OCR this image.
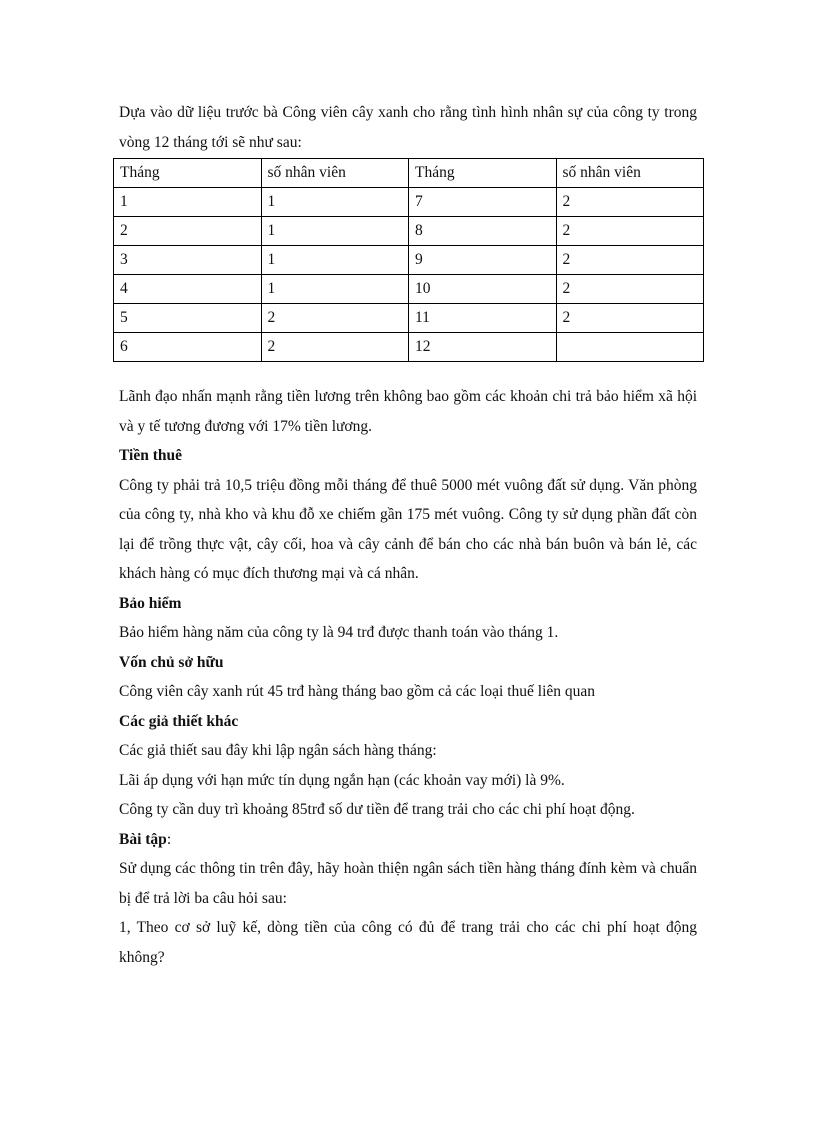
Dựa vào dữ liệu trước bà Công viên cây xanh cho rằng tình hình nhân sự của công ty trong vòng 12 tháng tới sẽ như sau:

Tháng	số nhân viên	Tháng	số nhân viên
1	1	7	2
2	1	8	2
3	1	9	2
4	1	10	2
5	2	11	2
6	2	12	

Lãnh đạo nhấn mạnh rằng tiền lương trên không bao gồm các khoản chi trả bảo hiểm xã hội và y tế tương đương với 17% tiền lương.

Tiền thuê

Công ty phải trả 10,5 triệu đồng mỗi tháng để thuê 5000 mét vuông đất sử dụng. Văn phòng của công ty, nhà kho và khu đỗ xe chiếm gần 175 mét vuông. Công ty sử dụng phần đất còn lại để trồng thực vật, cây cối, hoa và cây cảnh để bán cho các nhà bán buôn và bán lẻ, các khách hàng có mục đích thương mại và cá nhân.

Bảo hiểm

Bảo hiểm hàng năm của công ty là 94 trđ được thanh toán vào tháng 1.

Vốn chủ sở hữu

Công viên cây xanh rút 45 trđ hàng tháng bao gồm cả các loại thuế liên quan

Các giả thiết khác

Các giả thiết sau đây khi lập ngân sách hàng tháng:

Lãi áp dụng với hạn mức tín dụng ngắn hạn (các khoản vay mới) là 9%.

Công ty cần duy trì khoảng 85trđ số dư tiền để trang trải cho các chi phí hoạt động.

Bài tập:

Sử dụng các thông tin trên đây, hãy hoàn thiện ngân sách tiền hàng tháng đính kèm và chuẩn bị để trả lời ba câu hỏi sau:

1, Theo cơ sở luỹ kế, dòng tiền của công có đủ để trang trải cho các chi phí hoạt động không?
